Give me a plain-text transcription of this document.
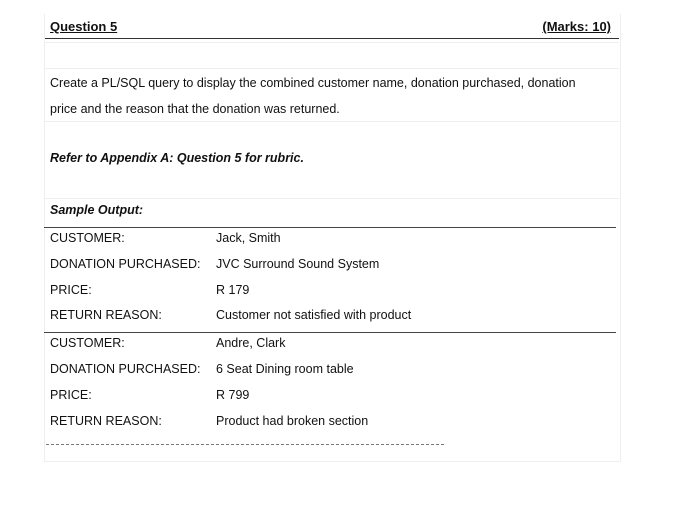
Question 5	(Marks: 10)
Create a PL/SQL query to display the combined customer name, donation purchased, donation
price and the reason that the donation was returned.
Refer to Appendix A: Question 5 for rubric.
Sample Output:
CUSTOMER:	Jack, Smith
DONATION PURCHASED: JVC Surround Sound System
PRICE:	R 179
RETURN REASON:	Customer not satisfied with product
CUSTOMER:	Andre, Clark
DONATION PURCHASED: 6 Seat Dining room table
PRICE:	R 799
RETURN REASON:	Product had broken section
